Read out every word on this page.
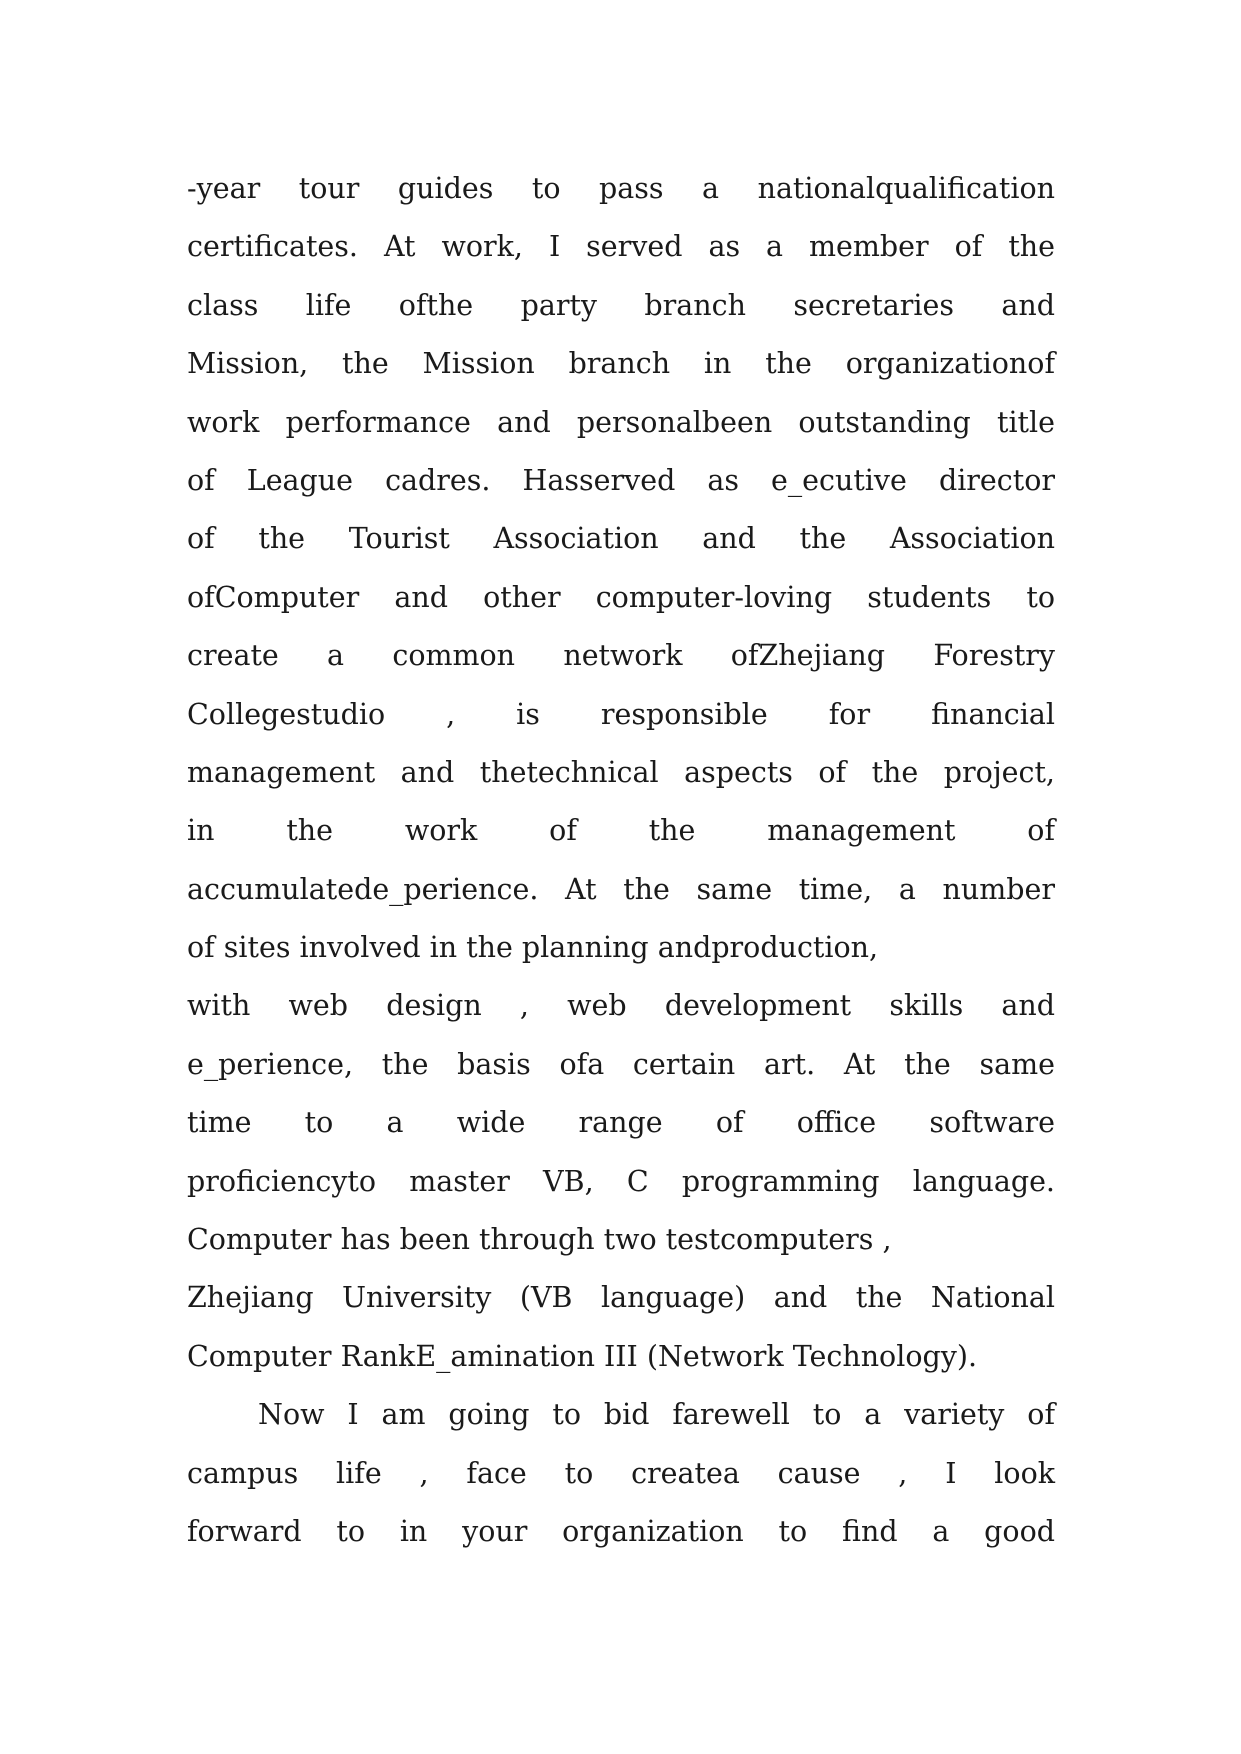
-year tour guides to pass a nationalqualification
certificates. At work, I served as a member of the
class life ofthe party branch secretaries and
Mission, the Mission branch in the organizationof
work performance and personalbeen outstanding title
of League cadres. Hasserved as e_ecutive director
of the Tourist Association and the Association
ofComputer and other computer-loving students to
create a common network ofZhejiang Forestry
Collegestudio , is responsible for financial
management and thetechnical aspects of the project,
in the work of the management of
accumulatede_perience. At the same time, a number
of sites involved in the planning andproduction,
with web design , web development skills and
e_perience, the basis ofa certain art. At the same
time to a wide range of office software
proficiencyto master VB, C programming language.
Computer has been through two testcomputers ,
Zhejiang University (VB language) and the National
Computer RankE_amination III (Network Technology).
Now I am going to bid farewell to a variety of
campus life , face to createa cause , I look
forward to in your organization to find a good
